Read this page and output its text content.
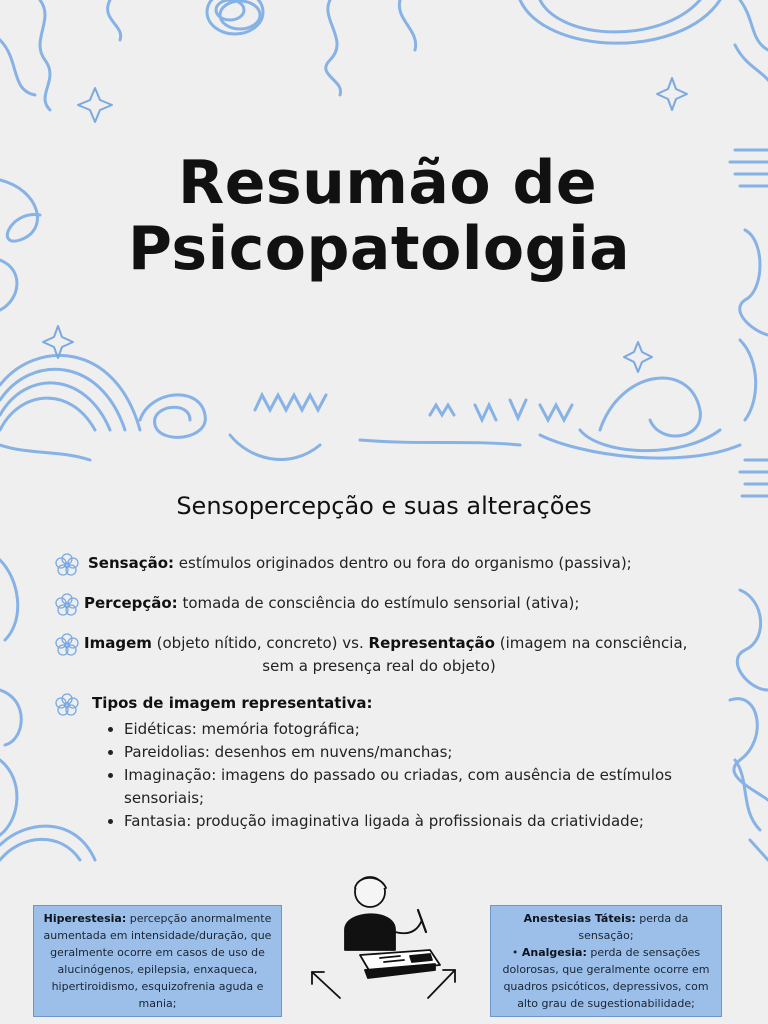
Resumão de
Psicopatologia
Sensopercepção e suas alterações
Sensação: estímulos originados dentro ou fora do organismo (passiva);
Percepção: tomada de consciência do estímulo sensorial (ativa);
Imagem (objeto nítido, concreto) vs. Representação (imagem na consciência,
sem a presença real do objeto)
Tipos de imagem representativa:
• Eidéticas: memória fotográfica;
• Pareidolias: desenhos em nuvens/manchas;
• Imaginação: imagens do passado ou criadas, com ausência de estímulos sensoriais;
• Fantasia: produção imaginativa ligada à profissionais da criatividade;
Hiperestesia: percepção anormalmente aumentada em intensidade/duração, que geralmente ocorre em casos de uso de alucinógenos, epilepsia, enxaqueca, hipertiroidismo, esquizofrenia aguda e mania;
Anestesias Táteis: perda da sensação;
• Analgesia: perda de sensações dolorosas, que geralmente ocorre em quadros psicóticos, depressivos, com alto grau de sugestionabilidade;
